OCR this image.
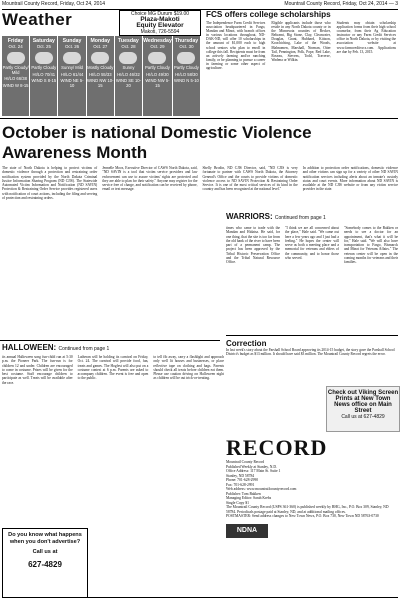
Mountrail County Record, Friday, Oct 24, 2014	Mountrail County Record, Friday, Oct 24, 2014 — 3
Weather	Choice MG Durum $19.00
Plaza-Makoti
Equity Elevator
Makoti, 726-5594
Friday
Oct. 24
Partly Cloudy/ Mild
HI/LO 66/38
WIND W 8-15
Saturday
Oct. 25
Partly Cloudy
HI/LO 70/41
WIND S 8-15
Sunday
Oct. 26
Sunny/ Mild
HI/LO 61/44
WIND NE 5-10
Monday
Oct. 27
Mostly Cloudy
HI/LO 55/33
WIND NW 10-15
Tuesday
Oct. 28
Sunny
HI/LO 46/32
WIND SE 10-20
Wednesday
Oct. 29
Partly Cloudy
HI/LO 49/30
WIND NW 5-15
Thursday
Oct. 30
Partly Cloudy
HI/LO 58/30
WIND N 5-10
FCS offers college scholarships

The Independence Farm Credit Services association headquartered in Fargo, Mandan and Minot, with branch offices in various locations throughout, ND-DAK-ND, will offer 10 scholarships in the amount of $1,000 each to high school seniors who plan to enroll in college this fall. Recipients must be from an actively farming and/or ranching family, or be planning to pursue a career in farming or some other aspect of agriculture.

Eligible applicants include those who reside in any North Dakota county or in the Minnesota counties of Becker, Beltrami, Big Stone, Clay, Clearwater, Douglas, Grant, Hubbard, Kittson, Koochiching, Lake of the Woods, Mahnomen, Marshall, Norman, Otter Tail, Pennington, Polk, Pope, Red Lake, Roseau, Stevens, Todd, Traverse, Wadena or Wilkin.

Students may obtain scholarship application forms from their high school counselor, from their Ag Education instructor or any Farm Credit Services office in North Dakota, or by visiting the association website at www.farmcreditsvcs.com. Applications are due by Feb. 13, 2015.

October is national Domestic Violence Awareness Month

The state of North Dakota is helping to protect victims of domestic violence through a protection and restraining order notification system provided by the North Dakota Criminal Justice Information Sharing Program (ND CJIS). The Statewide Automated Victim Information and Notification (ND SAVIN) Protection & Restraining Order Service provides registered users with notification of court actions, including the filing and serving of protection and restraining orders.

Jennelle Moos, Executive Director of CAWS North Dakota, said, "ND SAVIN is a tool that victim service providers and law enforcement can use to assure victims' rights are protected and they are able to plan for their safety." Anyone may register for the service free of charge, and notification can be received by phone, email or text message.

Shelly Brodin, ND CJIS Director, said, "ND CJIS is very fortunate to partner with CAWS North Dakota, the Attorney General's Office and the courts to provide victims of domestic violence access to ND SAVIN Protection & Restraining Order Service. It is one of the most critical services of its kind in the country and has been recognized at the national level."

In addition to protection order notifications, domestic violence and other victims can sign up for a variety of other ND SAVIN notification services including alerts about an inmate's custody status and court events. More information about ND SAVIN is available at the ND CJIS website or from any victim service provider in the state.

WARRIORS: Continued from page 1

times who came to trade with the Mandan and Hidatsa. He said, for one thing, that the site is too far from the old bank of the river to have been part of a permanent camp. The project has been approved by the Tribal Historic Preservation Office and the Tribal Natural Resource Office.

"I think we are all concerned about the place," Hale said. "We came out here a few years ago and I just had a feeling." He hopes the center will serve as both a meeting place and a memorial for veterans and elders of the community, and to honor those who served.

"Somebody comes to the Bakken or needs to see a doctor for an appointment, that's what it will be for," Hale said. "We will also have transportation to Fargo, Bismarck and Minot for Veterans Affairs." The veteran center will be open in the coming months for veterans and their families.

Correction

In last week's story about the Parshall School Board approving its 2014-15 budget, the story gave the Parshall School District's budget as $13 million. It should have said $3 million. The Mountrail County Record regrets the error.

Check out Viking Screen Prints at New Town News office on Main Street
Call us at 627-4829
HALLOWEEN: Continued from page 1

its annual Halloween song fun-child run at 5:30 p.m. the Pioneer Park. The fun-run is for children 12 and under. Children are encouraged to come in costume. Prizes will be given for the best costume. Staff encourage children to participate as well. Treats will be available after the race.

Lutheran will be holding its carnival on Friday, Oct. 24. The carnival will provide food, fun, treats and games. The Hogfest will also put on a costume contest at 6 p.m. Parents are asked to accompany children. The event is free and open to the public.

to tell fib away, carry a flashlight and approach only well lit houses and businesses, or place reflective tape on clothing and bags. Parents should check all treats before children eat them. Please use caution driving on Halloween night as children will be out trick-or-treating.

Do you know what happens when you don't advertise?
Call us at
627-4829
RECORD

Mountrail County Record

Published Weekly at Stanley, N.D.

Office Address: 117 Main St. Suite 1

Stanley, ND 58784

Phone: 701-628-2990

Fax: 701-628-2991

Web address: www.mountrailcountyrecord.com

Publisher: Tom Bakken

Managing Editor: Sarah Krebs

Single Copy $1

The Mountrail County Record (USPS 361-360) is published weekly by BHG, Inc., P.O. Box 309, Stanley, ND 58784. Periodicals postage paid at Stanley, ND, and at additional mailing offices.

POSTMASTER: Send address changes to New Town News, P.O. Box 730, New Town ND 58763-0730

NDNA
